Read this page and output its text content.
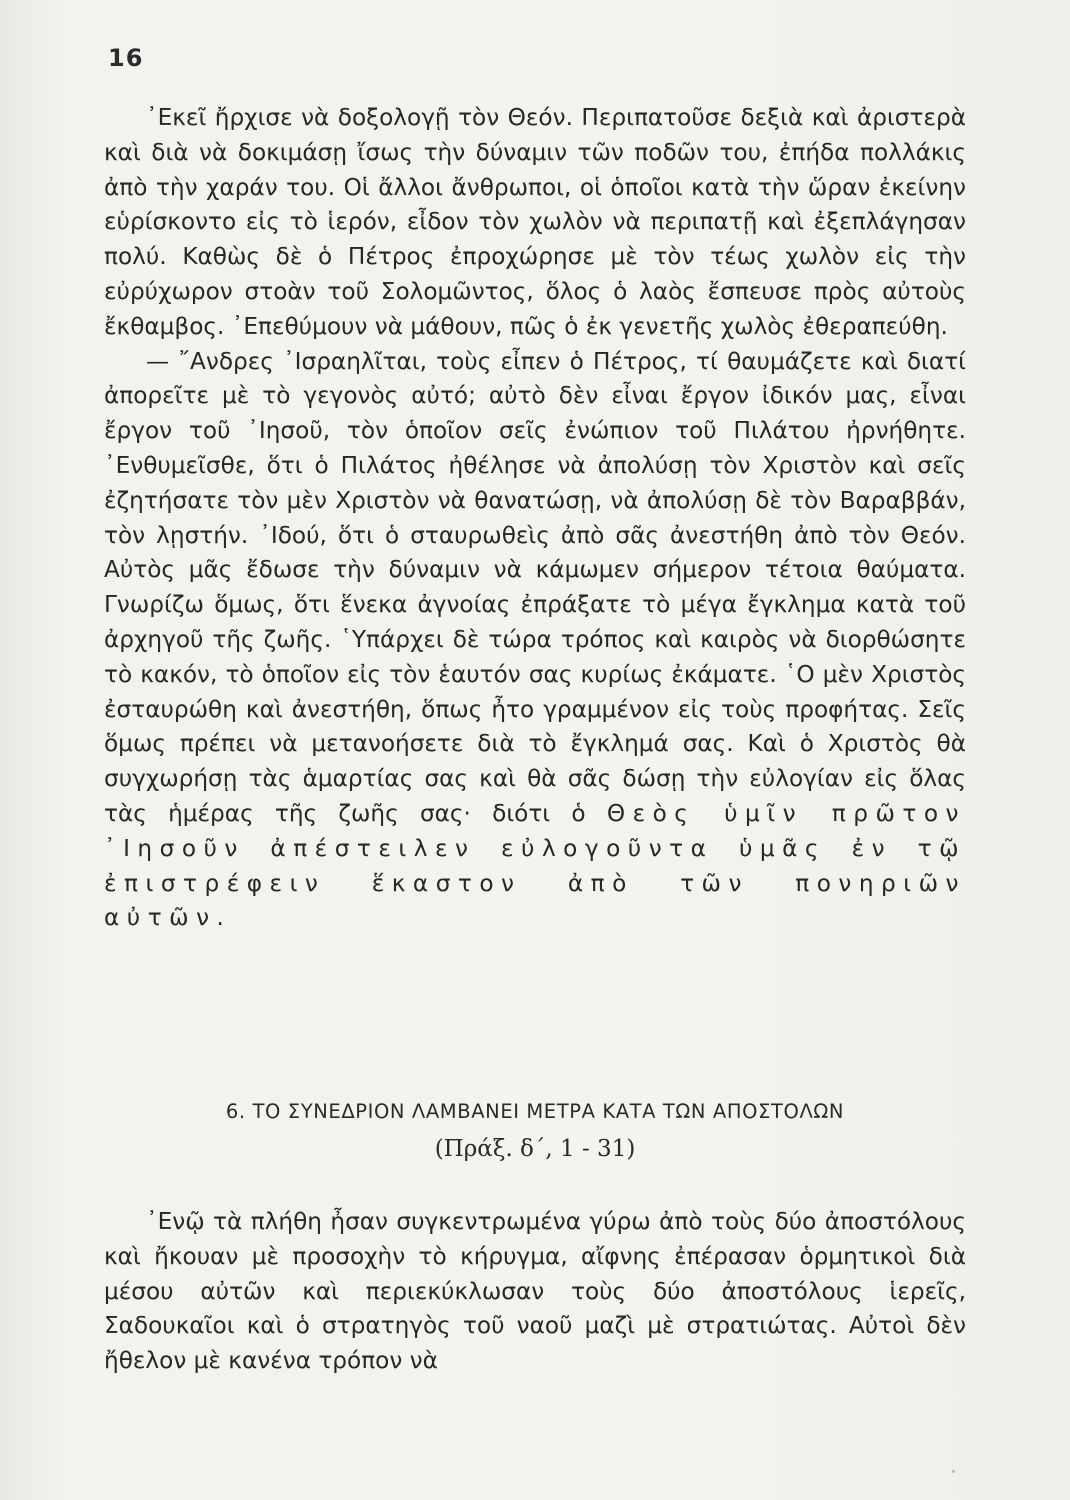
16

᾿Εκεῖ ἤρχισε νὰ δοξολογῇ τὸν Θεόν. Περιπατοῦσε δεξιὰ καὶ ἀριστερὰ καὶ διὰ νὰ δοκιμάσῃ ἴσως τὴν δύναμιν τῶν ποδῶν του, ἐπήδα πολλάκις ἀπὸ τὴν χαράν του. Οἱ ἄλλοι ἄνθρωποι, οἱ ὁποῖοι κατὰ τὴν ὥραν ἐκείνην εὑρίσκοντο εἰς τὸ ἱερόν, εἶδον τὸν χωλὸν νὰ περιπατῇ καὶ ἐξεπλάγησαν πολύ. Καθὼς δὲ ὁ Πέτρος ἐπροχώρησε μὲ τὸν τέως χωλὸν εἰς τὴν εὐρύχωρον στοὰν τοῦ Σολομῶντος, ὅλος ὁ λαὸς ἔσπευσε πρὸς αὐτοὺς ἔκθαμβος. ᾿Επεθύμουν νὰ μάθουν, πῶς ὁ ἐκ γενετῆς χωλὸς ἐθεραπεύθη.

— ῎Ανδρες ᾿Ισραηλῖται, τοὺς εἶπεν ὁ Πέτρος, τί θαυμάζετε καὶ διατί ἀπορεῖτε μὲ τὸ γεγονὸς αὐτό; αὐτὸ δὲν εἶναι ἔργον ἰδικόν μας, εἶναι ἔργον τοῦ ᾿Ιησοῦ, τὸν ὁποῖον σεῖς ἐνώπιον τοῦ Πιλάτου ἠρνήθητε. ᾿Ενθυμεῖσθε, ὅτι ὁ Πιλάτος ἠθέλησε νὰ ἀπολύσῃ τὸν Χριστὸν καὶ σεῖς ἐζητήσατε τὸν μὲν Χριστὸν νὰ θανατώσῃ, νὰ ἀπολύσῃ δὲ τὸν Βαραββάν, τὸν λῃστήν. ᾿Ιδού, ὅτι ὁ σταυρωθεὶς ἀπὸ σᾶς ἀνεστήθη ἀπὸ τὸν Θεόν. Αὐτὸς μᾶς ἔδωσε τὴν δύναμιν νὰ κάμωμεν σήμερον τέτοια θαύματα. Γνωρίζω ὅμως, ὅτι ἕνεκα ἀγνοίας ἐπράξατε τὸ μέγα ἔγκλημα κατὰ τοῦ ἀρχηγοῦ τῆς ζωῆς. ῾Υπάρχει δὲ τώρα τρόπος καὶ καιρὸς νὰ διορθώσητε τὸ κακόν, τὸ ὁποῖον εἰς τὸν ἑαυτόν σας κυρίως ἐκάματε. ῾Ο μὲν Χριστὸς ἐσταυρώθη καὶ ἀνεστήθη, ὅπως ἦτο γραμμένον εἰς τοὺς προφήτας. Σεῖς ὅμως πρέπει νὰ μετανοήσετε διὰ τὸ ἔγκλημά σας. Καὶ ὁ Χριστὸς θὰ συγχωρήσῃ τὰς ἁμαρτίας σας καὶ θὰ σᾶς δώσῃ τὴν εὐλογίαν εἰς ὅλας τὰς ἡμέρας τῆς ζωῆς σας· διότι ὁ Θεὸς ὑμῖν πρῶτον ᾿Ιησοῦν ἀπέστειλεν εὐλογοῦντα ὑμᾶς ἐν τῷ ἐπιστρέφειν ἕκαστον ἀπὸ τῶν πονηριῶν αὐτῶν.

6. ΤΟ ΣΥΝΕΔΡΙΟΝ ΛΑΜΒΑΝΕΙ ΜΕΤΡΑ ΚΑΤΑ ΤΩΝ ΑΠΟΣΤΟΛΩΝ
(Πράξ. δ΄, 1 - 31)

᾿Ενῷ τὰ πλήθη ἦσαν συγκεντρωμένα γύρω ἀπὸ τοὺς δύο ἀποστόλους καὶ ἤκουαν μὲ προσοχὴν τὸ κήρυγμα, αἴφνης ἐπέρασαν ὁρμητικοὶ διὰ μέσου αὐτῶν καὶ περιεκύκλωσαν τοὺς δύο ἀποστόλους ἱερεῖς, Σαδουκαῖοι καὶ ὁ στρατηγὸς τοῦ ναοῦ μαζὶ μὲ στρατιώτας. Αὐτοὶ δὲν ἤθελον μὲ κανένα τρόπον νὰ
